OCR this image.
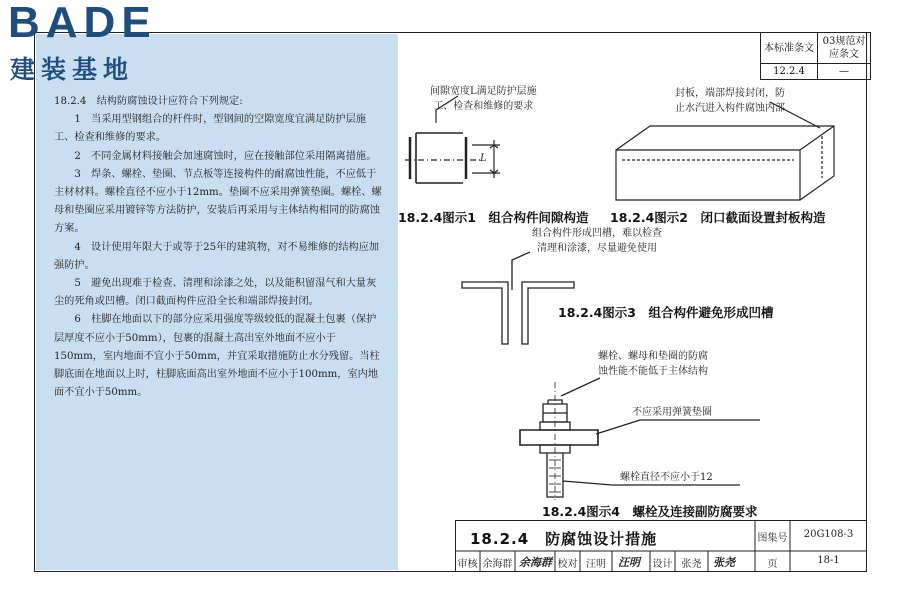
BADE
建装基地
本标准条文	03规范对应条文
12.2.4	—
18.2.4　结构防腐蚀设计应符合下列规定:
1　当采用型钢组合的杆件时，型钢间的空隙宽度宜满足防护层施工、检查和维修的要求。
2　不同金属材料接触会加速腐蚀时，应在接触部位采用隔离措施。
3　焊条、螺栓、垫圈、节点板等连接构件的耐腐蚀性能，不应低于主材材料。螺栓直径不应小于12mm。垫圈不应采用弹簧垫圈。螺栓、螺母和垫圈应采用镀锌等方法防护，安装后再采用与主体结构相同的防腐蚀方案。
4　设计使用年限大于或等于25年的建筑物，对不易维修的结构应加强防护。
5　避免出现难于检查、清理和涂漆之处，以及能积留湿气和大量灰尘的死角或凹槽。闭口截面构件应沿全长和端部焊接封闭。
6　柱脚在地面以下的部分应采用强度等级较低的混凝土包裹（保护层厚度不应小于50mm），包裹的混凝土高出室外地面不应小于150mm，室内地面不宜小于50mm，并宜采取措施防止水分残留。当柱脚底面在地面以上时，柱脚底面高出室外地面不应小于100mm，室内地面不宜小于50mm。
间隙宽度L满足防护层施
工、检查和维修的要求
L
18.2.4图示1　组合构件间隙构造
封板，端部焊接封闭，防
止水汽进入构件腐蚀内部
18.2.4图示2　闭口截面设置封板构造
组合构件形成凹槽，难以检查
清理和涂漆，尽量避免使用
18.2.4图示3　组合构件避免形成凹槽
螺栓、螺母和垫圈的防腐
蚀性能不能低于主体结构
不应采用弹簧垫圈
螺栓直径不应小于12
18.2.4图示4　螺栓及连接副防腐要求
18.2.4　防腐蚀设计措施	图集号	20G108-3
审核 余海群 余海群 校对 汪明	汪明 设计 张尧	张尧	页	18-1
